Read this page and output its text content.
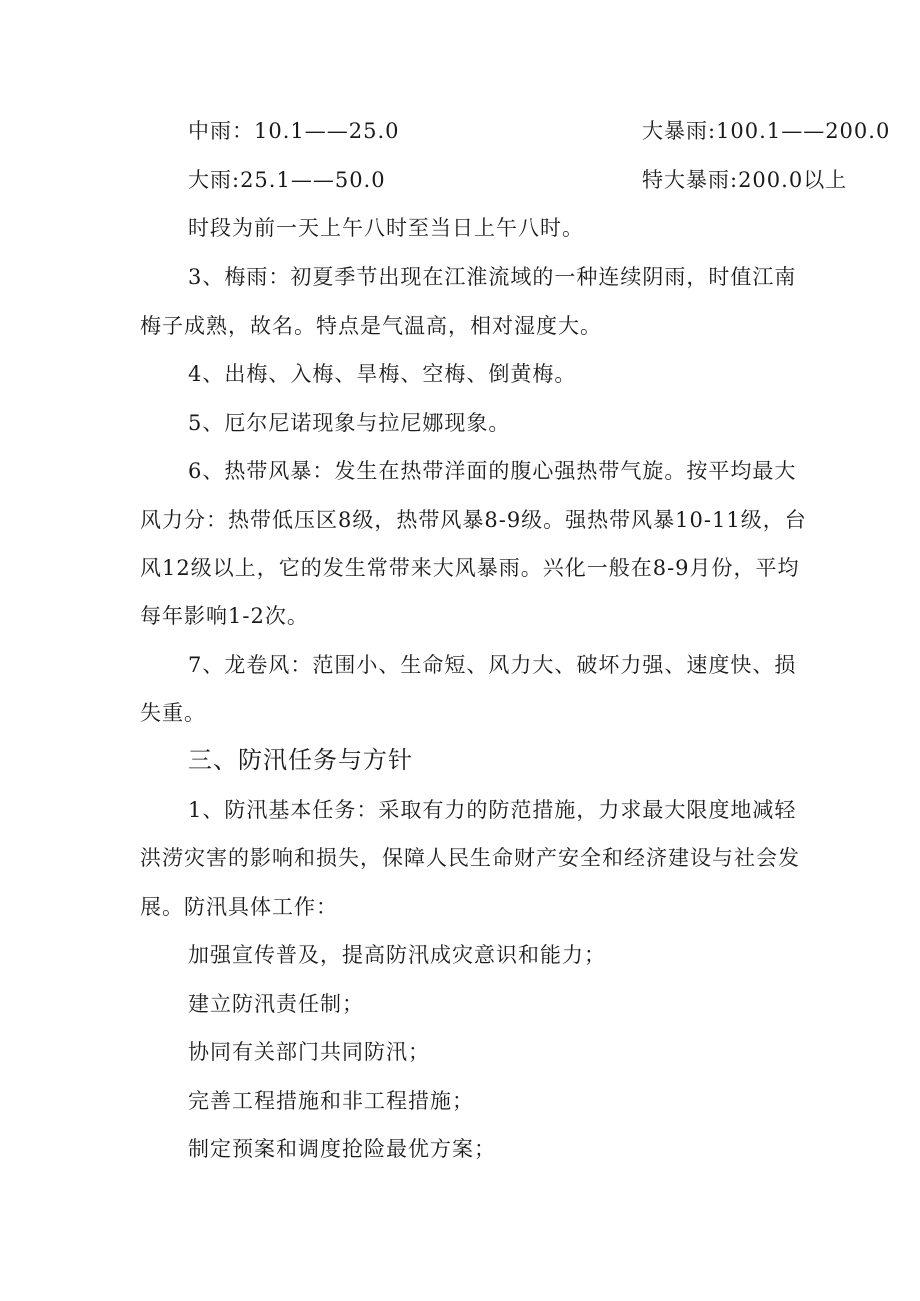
中雨：10.1——25.0	大暴雨:100.1——200.0
大雨:25.1——50.0	特大暴雨:200.0以上
时段为前一天上午八时至当日上午八时。
3、梅雨：初夏季节出现在江淮流域的一种连续阴雨，时值江南
梅子成熟，故名。特点是气温高，相对湿度大。
4、出梅、入梅、旱梅、空梅、倒黄梅。
5、厄尔尼诺现象与拉尼娜现象。
6、热带风暴：发生在热带洋面的腹心强热带气旋。按平均最大
风力分：热带低压区8级，热带风暴8-9级。强热带风暴10-11级，台
风12级以上，它的发生常带来大风暴雨。兴化一般在8-9月份，平均
每年影响1-2次。
7、龙卷风：范围小、生命短、风力大、破坏力强、速度快、损
失重。
三、防汛任务与方针
1、防汛基本任务：采取有力的防范措施，力求最大限度地减轻
洪涝灾害的影响和损失，保障人民生命财产安全和经济建设与社会发
展。防汛具体工作：
加强宣传普及，提高防汛成灾意识和能力；
建立防汛责任制；
协同有关部门共同防汛；
完善工程措施和非工程措施；
制定预案和调度抢险最优方案；
